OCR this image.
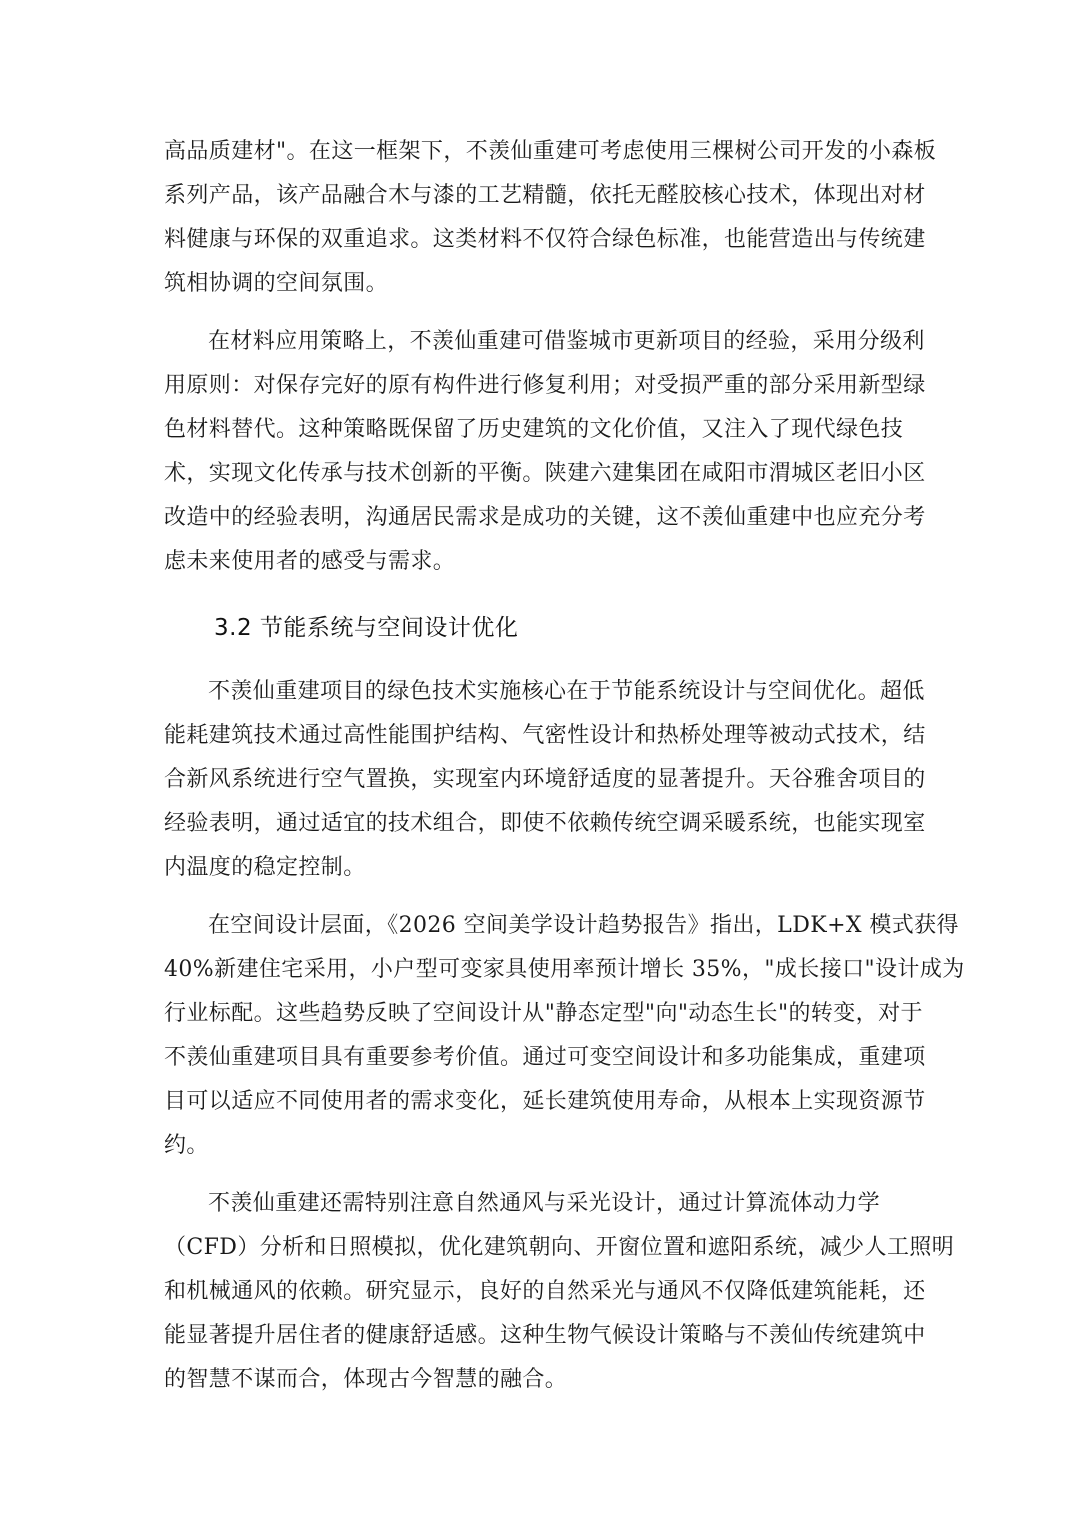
高品质建材"。在这一框架下，不羡仙重建可考虑使用三棵树公司开发的小森板
系列产品，该产品融合木与漆的工艺精髓，依托无醛胶核心技术，体现出对材
料健康与环保的双重追求。这类材料不仅符合绿色标准，也能营造出与传统建
筑相协调的空间氛围。

在材料应用策略上，不羡仙重建可借鉴城市更新项目的经验，采用分级利
用原则：对保存完好的原有构件进行修复利用；对受损严重的部分采用新型绿
色材料替代。这种策略既保留了历史建筑的文化价值，又注入了现代绿色技
术，实现文化传承与技术创新的平衡。陕建六建集团在咸阳市渭城区老旧小区
改造中的经验表明，沟通居民需求是成功的关键，这不羡仙重建中也应充分考
虑未来使用者的感受与需求。

3.2 节能系统与空间设计优化

不羡仙重建项目的绿色技术实施核心在于节能系统设计与空间优化。超低
能耗建筑技术通过高性能围护结构、气密性设计和热桥处理等被动式技术，结
合新风系统进行空气置换，实现室内环境舒适度的显著提升。天谷雅舍项目的
经验表明，通过适宜的技术组合，即使不依赖传统空调采暖系统，也能实现室
内温度的稳定控制。

在空间设计层面，《2026 空间美学设计趋势报告》指出，LDK+X 模式获得
40%新建住宅采用，小户型可变家具使用率预计增长 35%，"成长接口"设计成为
行业标配。这些趋势反映了空间设计从"静态定型"向"动态生长"的转变，对于
不羡仙重建项目具有重要参考价值。通过可变空间设计和多功能集成，重建项
目可以适应不同使用者的需求变化，延长建筑使用寿命，从根本上实现资源节
约。

不羡仙重建还需特别注意自然通风与采光设计，通过计算流体动力学
（CFD）分析和日照模拟，优化建筑朝向、开窗位置和遮阳系统，减少人工照明
和机械通风的依赖。研究显示，良好的自然采光与通风不仅降低建筑能耗，还
能显著提升居住者的健康舒适感。这种生物气候设计策略与不羡仙传统建筑中
的智慧不谋而合，体现古今智慧的融合。
